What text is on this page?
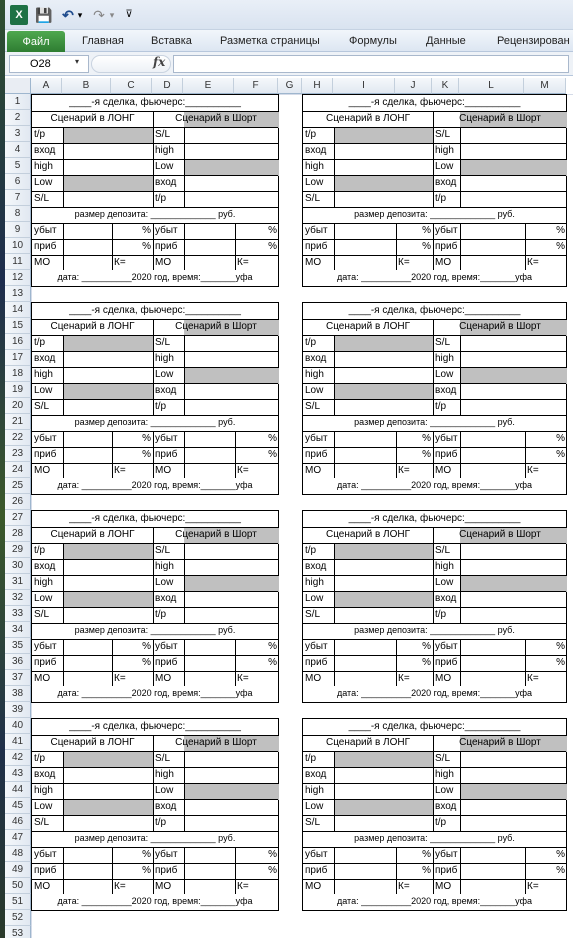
X 💾 ↶ ▾ ↷ ▾ ⊽
Файл	Главная Вставка	Разметка страницы	Формулы	Данные	Рецензирован
O28	▾	fx
A	B	C	D	E	F	G	H	I	J	K	L	M
1
2
3
4
5
6
7
8
9
10
11
12
13
14
15
16
17
18
19
20
21
22
23
24
25
26
27
28
29
30
31
32
33
34
35
36
37
38
39
40
41
42
43
44
45
46
47
48
49
50
51
52
53
____-я сделка, фьючерс:__________
Сценарий в ЛОНГ	Сценарий в Шорт
t/p	S/L
вход	high
high	Low
Low	вход
S/L	t/p
размер депозита: _____________ руб.
убыт	% убыт	%
приб	% приб	%
МО	К=	МО	К=
дата: __________2020 год, время:_______уфа
____-я сделка, фьючерс:__________
Сценарий в ЛОНГ	Сценарий в Шорт
t/p	S/L
вход	high
high	Low
Low	вход
S/L	t/p
размер депозита: _____________ руб.
убыт	% убыт	%
приб	% приб	%
МО	К=	МО	К=
дата: __________2020 год, время:_______уфа
____-я сделка, фьючерс:__________
Сценарий в ЛОНГ	Сценарий в Шорт
t/p	S/L
вход	high
high	Low
Low	вход
S/L	t/p
размер депозита: _____________ руб.
убыт	% убыт	%
приб	% приб	%
МО	К=	МО	К=
дата: __________2020 год, время:_______уфа
____-я сделка, фьючерс:__________
Сценарий в ЛОНГ	Сценарий в Шорт
t/p	S/L
вход	high
high	Low
Low	вход
S/L	t/p
размер депозита: _____________ руб.
убыт	% убыт	%
приб	% приб	%
МО	К=	МО	К=
дата: __________2020 год, время:_______уфа
____-я сделка, фьючерс:__________
Сценарий в ЛОНГ	Сценарий в Шорт
t/p	S/L
вход	high
high	Low
Low	вход
S/L	t/p
размер депозита: _____________ руб.
убыт	% убыт	%
приб	% приб	%
МО	К=	МО	К=
дата: __________2020 год, время:_______уфа
____-я сделка, фьючерс:__________
Сценарий в ЛОНГ	Сценарий в Шорт
t/p	S/L
вход	high
high	Low
Low	вход
S/L	t/p
размер депозита: _____________ руб.
убыт	% убыт	%
приб	% приб	%
МО	К=	МО	К=
дата: __________2020 год, время:_______уфа
____-я сделка, фьючерс:__________
Сценарий в ЛОНГ	Сценарий в Шорт
t/p	S/L
вход	high
high	Low
Low	вход
S/L	t/p
размер депозита: _____________ руб.
убыт	% убыт	%
приб	% приб	%
МО	К=	МО	К=
дата: __________2020 год, время:_______уфа
____-я сделка, фьючерс:__________
Сценарий в ЛОНГ	Сценарий в Шорт
t/p	S/L
вход	high
high	Low
Low	вход
S/L	t/p
размер депозита: _____________ руб.
убыт	% убыт	%
приб	% приб	%
МО	К=	МО	К=
дата: __________2020 год, время:_______уфа
